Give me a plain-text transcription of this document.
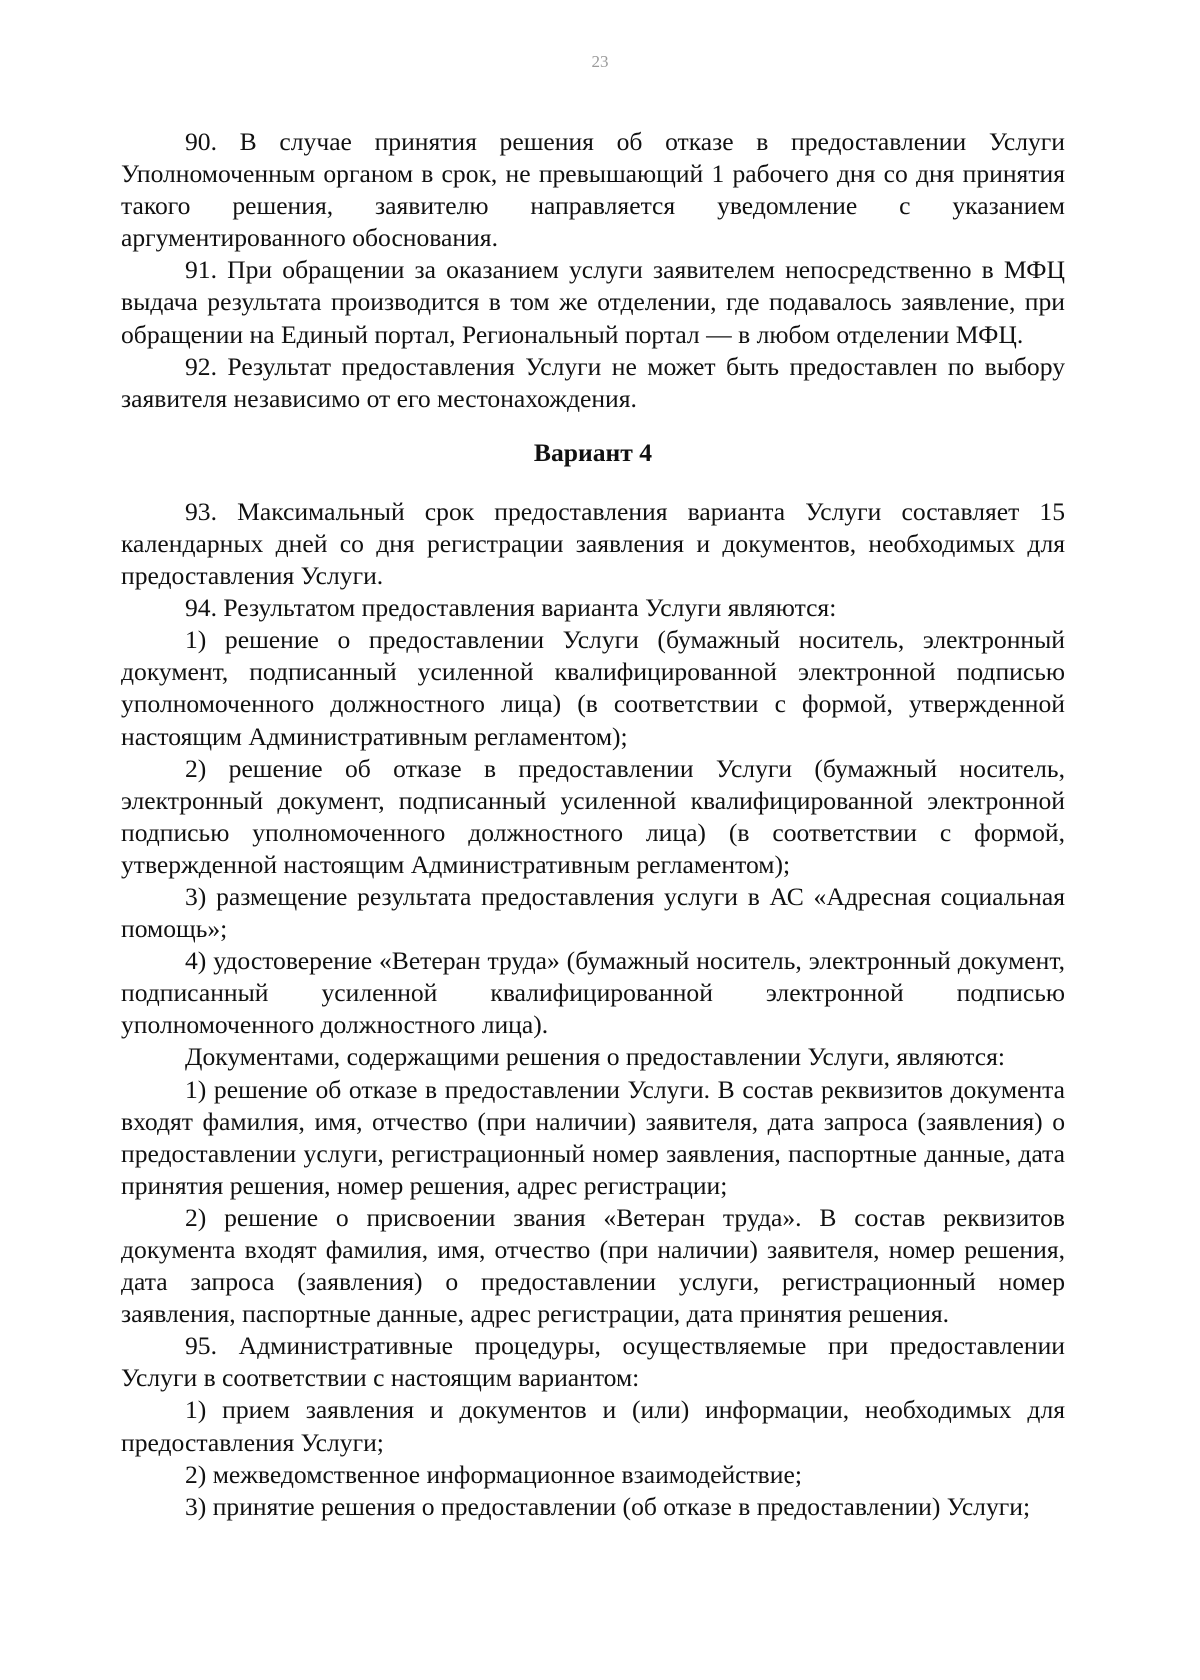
23

90. В случае принятия решения об отказе в предоставлении Услуги Уполномоченным органом в срок, не превышающий 1 рабочего дня со дня принятия такого решения, заявителю направляется уведомление с указанием аргументированного обоснования.

91. При обращении за оказанием услуги заявителем непосредственно в МФЦ выдача результата производится в том же отделении, где подавалось заявление, при обращении на Единый портал, Региональный портал — в любом отделении МФЦ.

92. Результат предоставления Услуги не может быть предоставлен по выбору заявителя независимо от его местонахождения.

Вариант 4

93. Максимальный срок предоставления варианта Услуги составляет 15 календарных дней со дня регистрации заявления и документов, необходимых для предоставления Услуги.

94. Результатом предоставления варианта Услуги являются:

1) решение о предоставлении Услуги (бумажный носитель, электронный документ, подписанный усиленной квалифицированной электронной подписью уполномоченного должностного лица) (в соответствии с формой, утвержденной настоящим Административным регламентом);

2) решение об отказе в предоставлении Услуги (бумажный носитель, электронный документ, подписанный усиленной квалифицированной электронной подписью уполномоченного должностного лица) (в соответствии с формой, утвержденной настоящим Административным регламентом);

3) размещение результата предоставления услуги в АС «Адресная социальная помощь»;

4) удостоверение «Ветеран труда» (бумажный носитель, электронный документ, подписанный усиленной квалифицированной электронной подписью уполномоченного должностного лица).

Документами, содержащими решения о предоставлении Услуги, являются:

1) решение об отказе в предоставлении Услуги. В состав реквизитов документа входят фамилия, имя, отчество (при наличии) заявителя, дата запроса (заявления) о предоставлении услуги, регистрационный номер заявления, паспортные данные, дата принятия решения, номер решения, адрес регистрации;

2) решение о присвоении звания «Ветеран труда». В состав реквизитов документа входят фамилия, имя, отчество (при наличии) заявителя, номер решения, дата запроса (заявления) о предоставлении услуги, регистрационный номер заявления, паспортные данные, адрес регистрации, дата принятия решения.

95. Административные процедуры, осуществляемые при предоставлении Услуги в соответствии с настоящим вариантом:

1) прием заявления и документов и (или) информации, необходимых для предоставления Услуги;

2) межведомственное информационное взаимодействие;

3) принятие решения о предоставлении (об отказе в предоставлении) Услуги;
